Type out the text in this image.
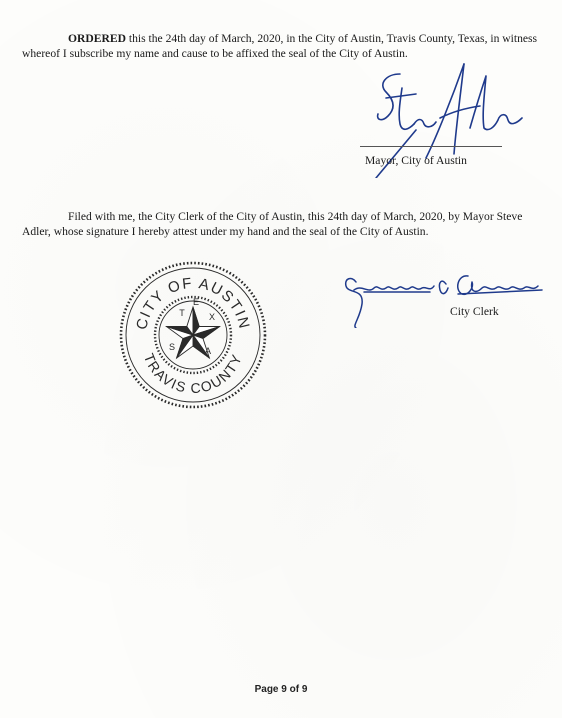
ORDERED this the 24th day of March, 2020, in the City of Austin, Travis County, Texas, in witness whereof I subscribe my name and cause to be affixed the seal of the City of Austin.

Mayor, City of Austin

Filed with me, the City Clerk of the City of Austin, this 24th day of March, 2020, by Mayor Steve Adler, whose signature I hereby attest under my hand and the seal of the City of Austin.

CITY OF AUSTIN
TRAVIS COUNTY
T
E
X
A
S
City Clerk
Page 9 of 9
